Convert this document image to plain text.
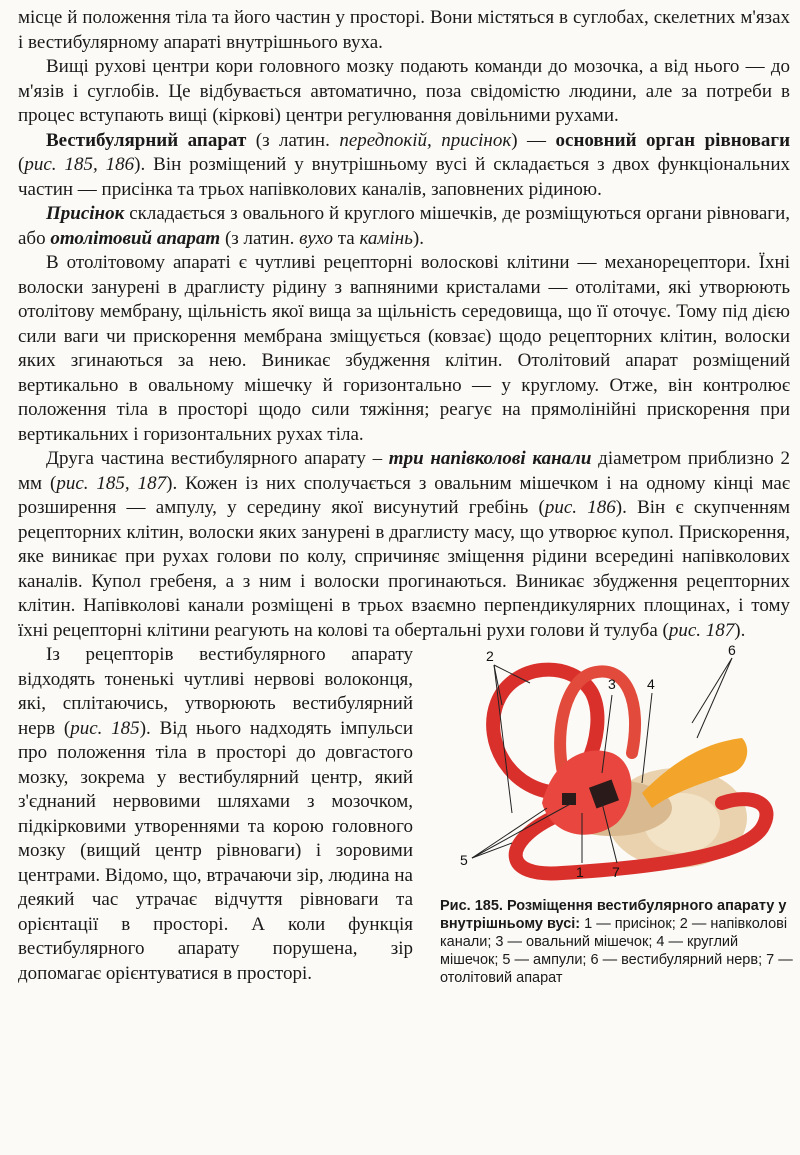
місце й положення тіла та його частин у просторі. Вони містяться в суглобах, скелетних м'язах і вестибулярному апараті внутрішнього вуха.

Вищі рухові центри кори головного мозку подають команди до мозочка, а від нього — до м'язів і суглобів. Це відбувається автоматично, поза свідомістю людини, але за потреби в процес вступають вищі (кіркові) центри регулювання довільними рухами.

Вестибулярний апарат (з латин. передпокій, присінок) — основний орган рівноваги (рис. 185, 186). Він розміщений у внутрішньому вусі й складається з двох функціональних частин — присінка та трьох напівколових каналів, заповнених рідиною.

Присінок складається з овального й круглого мішечків, де розміщуються органи рівноваги, або отолітовий апарат (з латин. вухо та камінь).

В отолітовому апараті є чутливі рецепторні волоскові клітини — механорецептори. Їхні волоски занурені в драглисту рідину з вапняними кристалами — отолітами, які утворюють отолітову мембрану, щільність якої вища за щільність середовища, що її оточує. Тому під дією сили ваги чи прискорення мембрана зміщується (ковзає) щодо рецепторних клітин, волоски яких згинаються за нею. Виникає збудження клітин. Отолітовий апарат розміщений вертикально в овальному мішечку й горизонтально — у круглому. Отже, він контролює положення тіла в просторі щодо сили тяжіння; реагує на прямолінійні прискорення при вертикальних і горизонтальних рухах тіла.

Друга частина вестибулярного апарату – три напівколові канали діаметром приблизно 2 мм (рис. 185, 187). Кожен із них сполучається з овальним мішечком і на одному кінці має розширення — ампулу, у середину якої висунутий гребінь (рис. 186). Він є скупченням рецепторних клітин, волоски яких занурені в драглисту масу, що утворює купол. Прискорення, яке виникає при рухах голови по колу, спричиняє зміщення рідини всередині напівколових каналів. Купол гребеня, а з ним і волоски прогинаються. Виникає збудження рецепторних клітин. Напівколові канали розміщені в трьох взаємно перпендикулярних площинах, і тому їхні рецепторні клітини реагують на колові та обертальні рухи голови й тулуба (рис. 187).

Із рецепторів вестибулярного апарату відходять тоненькі чутливі нервові волоконця, які, сплітаючись, утворюють вестибулярний нерв (рис. 185). Від нього надходять імпульси про положення тіла в просторі до довгастого мозку, зокрема у вестибулярний центр, який з'єднаний нервовими шляхами з мозочком, підкірковими утвореннями та корою головного мозку (вищий центр рівноваги) і зоровими центрами. Відомо, що, втрачаючи зір, людина на деякий час утрачає відчуття рівноваги та орієнтації в просторі. А коли функція вестибулярного апарату порушена, зір допомагає орієнтуватися в просторі.

2	6
3 4
5
1 7
Рис. 185. Розміщення вестибулярного апарату у внутрішньому вусі: 1 — присінок; 2 — напівколові канали; 3 — овальний мішечок; 4 — круглий мішечок; 5 — ампули; 6 — вестибулярний нерв; 7 — отолітовий апарат
